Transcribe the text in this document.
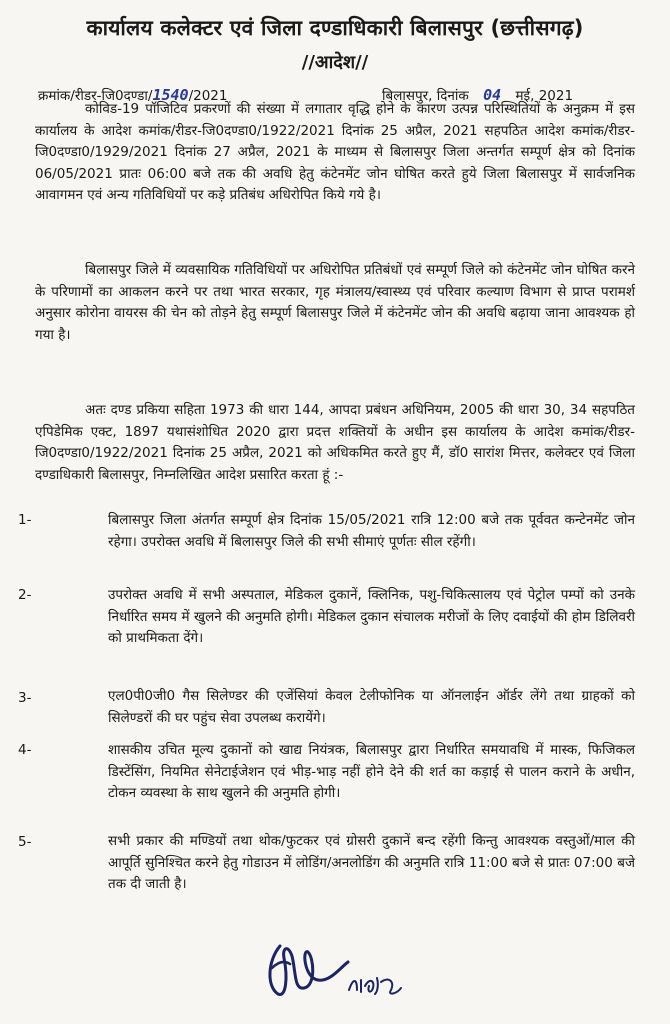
कार्यालय कलेक्टर एवं जिला दण्डाधिकारी बिलासपुर (छत्तीसगढ़)
//आदेश//
क्रमांक/रीडर-जि0दण्डा/1540/2021	बिलासपुर, दिनांक 04 मई, 2021

कोविड-19 पॉजिटिव प्रकरणों की संख्या में लगातार वृद्धि होने के कारण उत्पन्न परिस्थितियों के अनुक्रम में इस कार्यालय के आदेश कमांक/रीडर-जि0दण्डा0/1922/2021 दिनांक 25 अप्रैल, 2021 सहपठित आदेश कमांक/रीडर-जि0दण्डा0/1929/2021 दिनांक 27 अप्रैल, 2021 के माध्यम से बिलासपुर जिला अन्तर्गत सम्पूर्ण क्षेत्र को दिनांक 06/05/2021 प्रातः 06:00 बजे तक की अवधि हेतु कंटेनमेंट जोन घोषित करते हुये जिला बिलासपुर में सार्वजनिक आवागमन एवं अन्य गतिविधियों पर कड़े प्रतिबंध अधिरोपित किये गये है।

बिलासपुर जिले में व्यवसायिक गतिविधियों पर अधिरोपित प्रतिबंधों एवं सम्पूर्ण जिले को कंटेनमेंट जोन घोषित करने के परिणामों का आकलन करने पर तथा भारत सरकार, गृह मंत्रालय/स्वास्थ्य एवं परिवार कल्याण विभाग से प्राप्त परामर्श अनुसार कोरोना वायरस की चेन को तोड़ने हेतु सम्पूर्ण बिलासपुर जिले में कंटेनमेंट जोन की अवधि बढ़ाया जाना आवश्यक हो गया है।

अतः दण्ड प्रकिया सहिता 1973 की धारा 144, आपदा प्रबंधन अधिनियम, 2005 की धारा 30, 34 सहपठित एपिडेमिक एक्ट, 1897 यथासंशोधित 2020 द्वारा प्रदत्त शक्तियों के अधीन इस कार्यालय के आदेश कमांक/रीडर-जि0दण्डा0/1922/2021 दिनांक 25 अप्रैल, 2021 को अधिकमित करते हुए मैं, डॉ0 सारांश मित्तर, कलेक्टर एवं जिला दण्डाधिकारी बिलासपुर, निम्नलिखित आदेश प्रसारित करता हूं :-

1-	बिलासपुर जिला अंतर्गत सम्पूर्ण क्षेत्र दिनांक 15/05/2021 रात्रि 12:00 बजे तक पूर्ववत कन्टेनमेंट जोन रहेगा। उपरोक्त अवधि में बिलासपुर जिले की सभी सीमाएं पूर्णतः सील रहेंगी।
2-	उपरोक्त अवधि में सभी अस्पताल, मेडिकल दुकानें, क्लिनिक, पशु-चिकित्सालय एवं पेट्रोल पम्पों को उनके निर्धारित समय में खुलने की अनुमति होगी। मेडिकल दुकान संचालक मरीजों के लिए दवाईयों की होम डिलिवरी को प्राथमिकता देंगे।
3-	एल0पी0जी0 गैस सिलेण्डर की एजेंसियां केवल टेलीफोनिक या ऑनलाईन ऑर्डर लेंगे तथा ग्राहकों को सिलेण्डरों की घर पहुंच सेवा उपलब्ध करायेंगे।
4-	शासकीय उचित मूल्य दुकानों को खाद्य नियंत्रक, बिलासपुर द्वारा निर्धारित समयावधि में मास्क, फिजिकल डिस्टेंसिंग, नियमित सेनेटाईजेशन एवं भीड़-भाड़ नहीं होने देने की शर्त का कड़ाई से पालन कराने के अधीन, टोकन व्यवस्था के साथ खुलने की अनुमति होगी।
5-	सभी प्रकार की मण्डियों तथा थोक/फुटकर एवं ग्रोसरी दुकानें बन्द रहेंगी किन्तु आवश्यक वस्तुओं/माल की आपूर्ति सुनिश्चित करने हेतु गोडाउन में लोडिंग/अनलोडिंग की अनुमति रात्रि 11:00 बजे से प्रातः 07:00 बजे तक दी जाती है।
